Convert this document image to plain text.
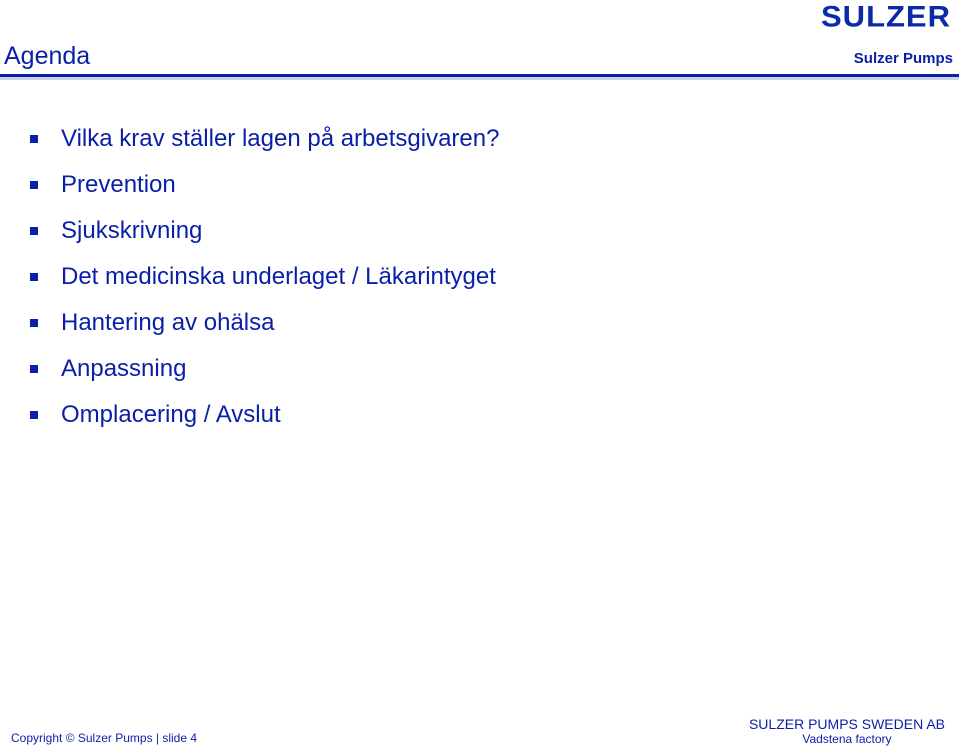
SULZER
Agenda	Sulzer Pumps
Vilka krav ställer lagen på arbetsgivaren?
Prevention
Sjukskrivning
Det medicinska underlaget / Läkarintyget
Hantering av ohälsa
Anpassning
Omplacering / Avslut
Copyright © Sulzer Pumps | slide 4
SULZER PUMPS SWEDEN AB
Vadstena factory
